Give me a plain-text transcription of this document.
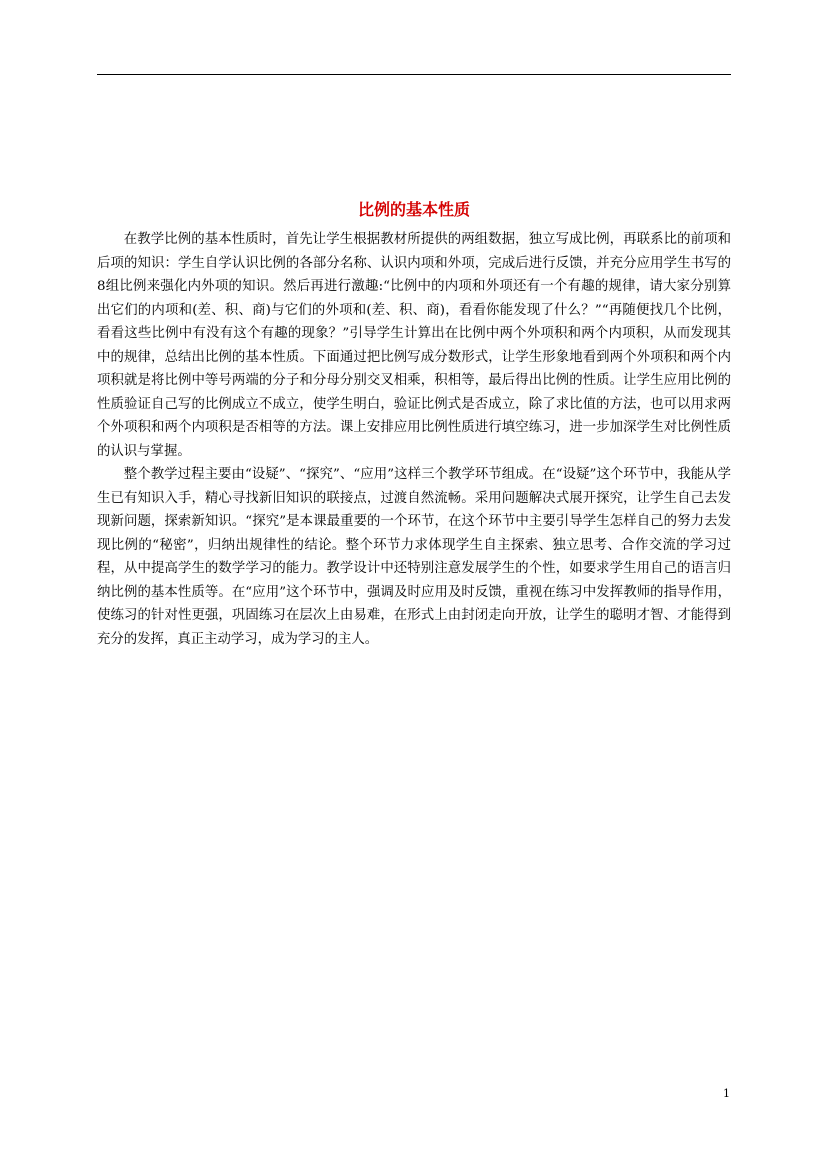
比例的基本性质

在教学比例的基本性质时，首先让学生根据教材所提供的两组数据，独立写成比例，再联系比的前项和后项的知识：学生自学认识比例的各部分名称、认识内项和外项，完成后进行反馈，并充分应用学生书写的8组比例来强化内外项的知识。然后再进行激趣:“比例中的内项和外项还有一个有趣的规律，请大家分别算出它们的内项和(差、积、商)与它们的外项和(差、积、商)，看看你能发现了什么？”“再随便找几个比例，看看这些比例中有没有这个有趣的现象？”引导学生计算出在比例中两个外项积和两个内项积，从而发现其中的规律，总结出比例的基本性质。下面通过把比例写成分数形式，让学生形象地看到两个外项积和两个内项积就是将比例中等号两端的分子和分母分别交叉相乘，积相等，最后得出比例的性质。让学生应用比例的性质验证自己写的比例成立不成立，使学生明白，验证比例式是否成立，除了求比值的方法，也可以用求两个外项积和两个内项积是否相等的方法。课上安排应用比例性质进行填空练习，进一步加深学生对比例性质的认识与掌握。

整个教学过程主要由“设疑”、“探究”、“应用”这样三个教学环节组成。在“设疑”这个环节中，我能从学生已有知识入手，精心寻找新旧知识的联接点，过渡自然流畅。采用问题解决式展开探究，让学生自己去发现新问题，探索新知识。“探究”是本课最重要的一个环节，在这个环节中主要引导学生怎样自己的努力去发现比例的“秘密”，归纳出规律性的结论。整个环节力求体现学生自主探索、独立思考、合作交流的学习过程，从中提高学生的数学学习的能力。教学设计中还特别注意发展学生的个性，如要求学生用自己的语言归纳比例的基本性质等。在“应用”这个环节中，强调及时应用及时反馈，重视在练习中发挥教师的指导作用，使练习的针对性更强，巩固练习在层次上由易难，在形式上由封闭走向开放，让学生的聪明才智、才能得到充分的发挥，真正主动学习，成为学习的主人。

1
